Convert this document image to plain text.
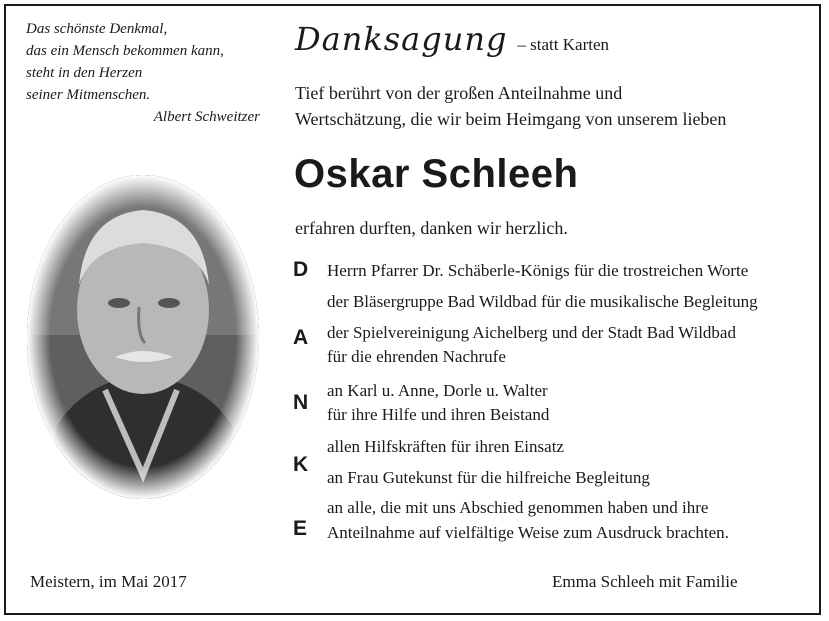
Das schönste Denkmal,
das ein Mensch bekommen kann,
steht in den Herzen
seiner Mitmenschen.
Albert Schweitzer
Danksagung – statt Karten
Tief berührt von der großen Anteilnahme und
Wertschätzung, die wir beim Heimgang von unserem lieben
Oskar Schleeh
erfahren durften, danken wir herzlich.
D
A
N
K
E
Herrn Pfarrer Dr. Schäberle-Königs für die trostreichen Worte
der Bläsergruppe Bad Wildbad für die musikalische Begleitung
der Spielvereinigung Aichelberg und der Stadt Bad Wildbad
für die ehrenden Nachrufe
an Karl u. Anne, Dorle u. Walter
für ihre Hilfe und ihren Beistand
allen Hilfskräften für ihren Einsatz
an Frau Gutekunst für die hilfreiche Begleitung
an alle, die mit uns Abschied genommen haben und ihre
Anteilnahme auf vielfältige Weise zum Ausdruck brachten.
Meistern, im Mai 2017	Emma Schleeh mit Familie
